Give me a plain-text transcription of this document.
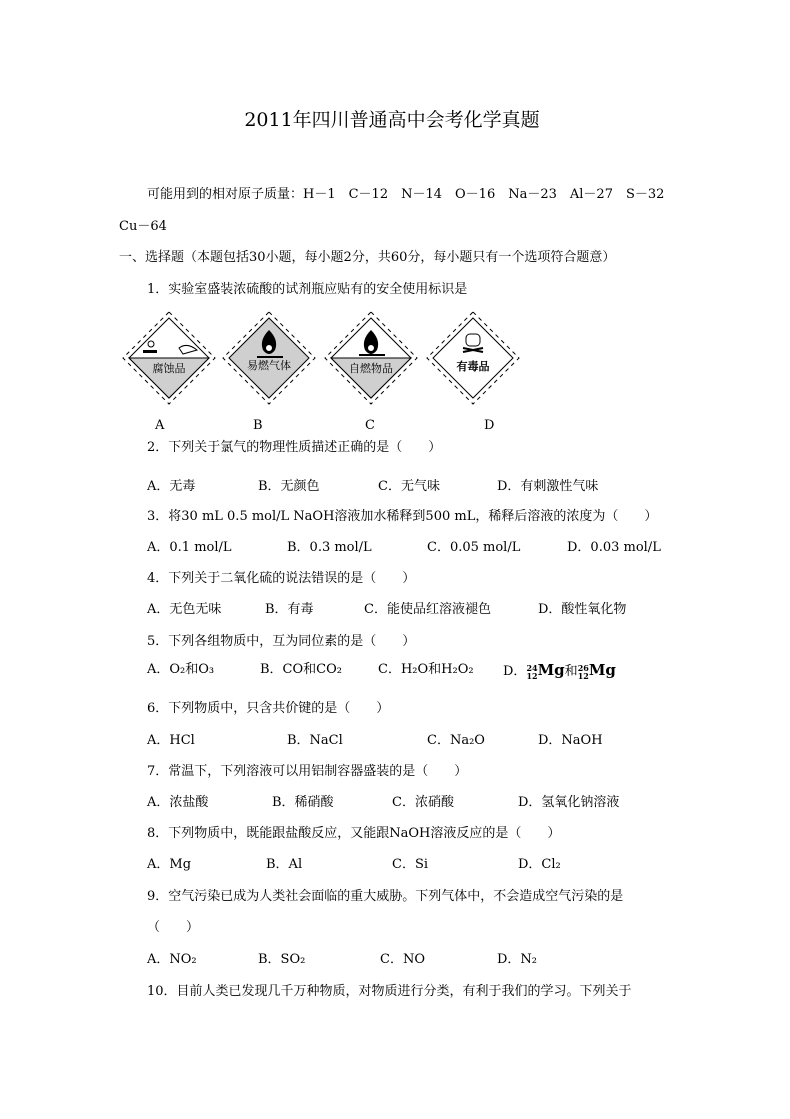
2011年四川普通高中会考化学真题
可能用到的相对原子质量：H－1　C－12　N－14　O－16　Na－23　Al－27　S－32
Cu－64
一、选择题（本题包括30小题，每小题2分，共60分，每小题只有一个选项符合题意）
1．实验室盛装浓硫酸的试剂瓶应贴有的安全使用标识是
腐蚀品	易燃气体	自燃物品	有毒品
2．下列关于氯气的物理性质描述正确的是（　　）
A．无毒	B．无颜色	C．无气味	D．有刺激性气味
3．将30 mL 0.5 mol/L NaOH溶液加水稀释到500 mL，稀释后溶液的浓度为（　　）
A．0.1 mol/L	B．0.3 mol/L	C．0.05 mol/L	D．0.03 mol/L
4．下列关于二氧化硫的说法错误的是（　　）
A．无色无味	B．有毒	C．能使品红溶液褪色	D．酸性氧化物
5．下列各组物质中，互为同位素的是（　　）
A．O₂和O₃	B．CO和CO₂	C．H₂O和H₂O₂ D．24
12Mg和26
12Mg
6．下列物质中，只含共价键的是（　　）
A．HCl	B．NaCl	C．Na₂O	D．NaOH
7．常温下，下列溶液可以用铝制容器盛装的是（　　）
A．浓盐酸	B．稀硝酸	C．浓硝酸	D．氢氧化钠溶液
8．下列物质中，既能跟盐酸反应，又能跟NaOH溶液反应的是（　　）
A．Mg	B．Al	C．Si	D．Cl₂
9．空气污染已成为人类社会面临的重大威胁。下列气体中，不会造成空气污染的是
（　　）
A．NO₂	B．SO₂	C．NO	D．N₂
10．目前人类已发现几千万种物质，对物质进行分类，有利于我们的学习。下列关于
A	B	C	D
